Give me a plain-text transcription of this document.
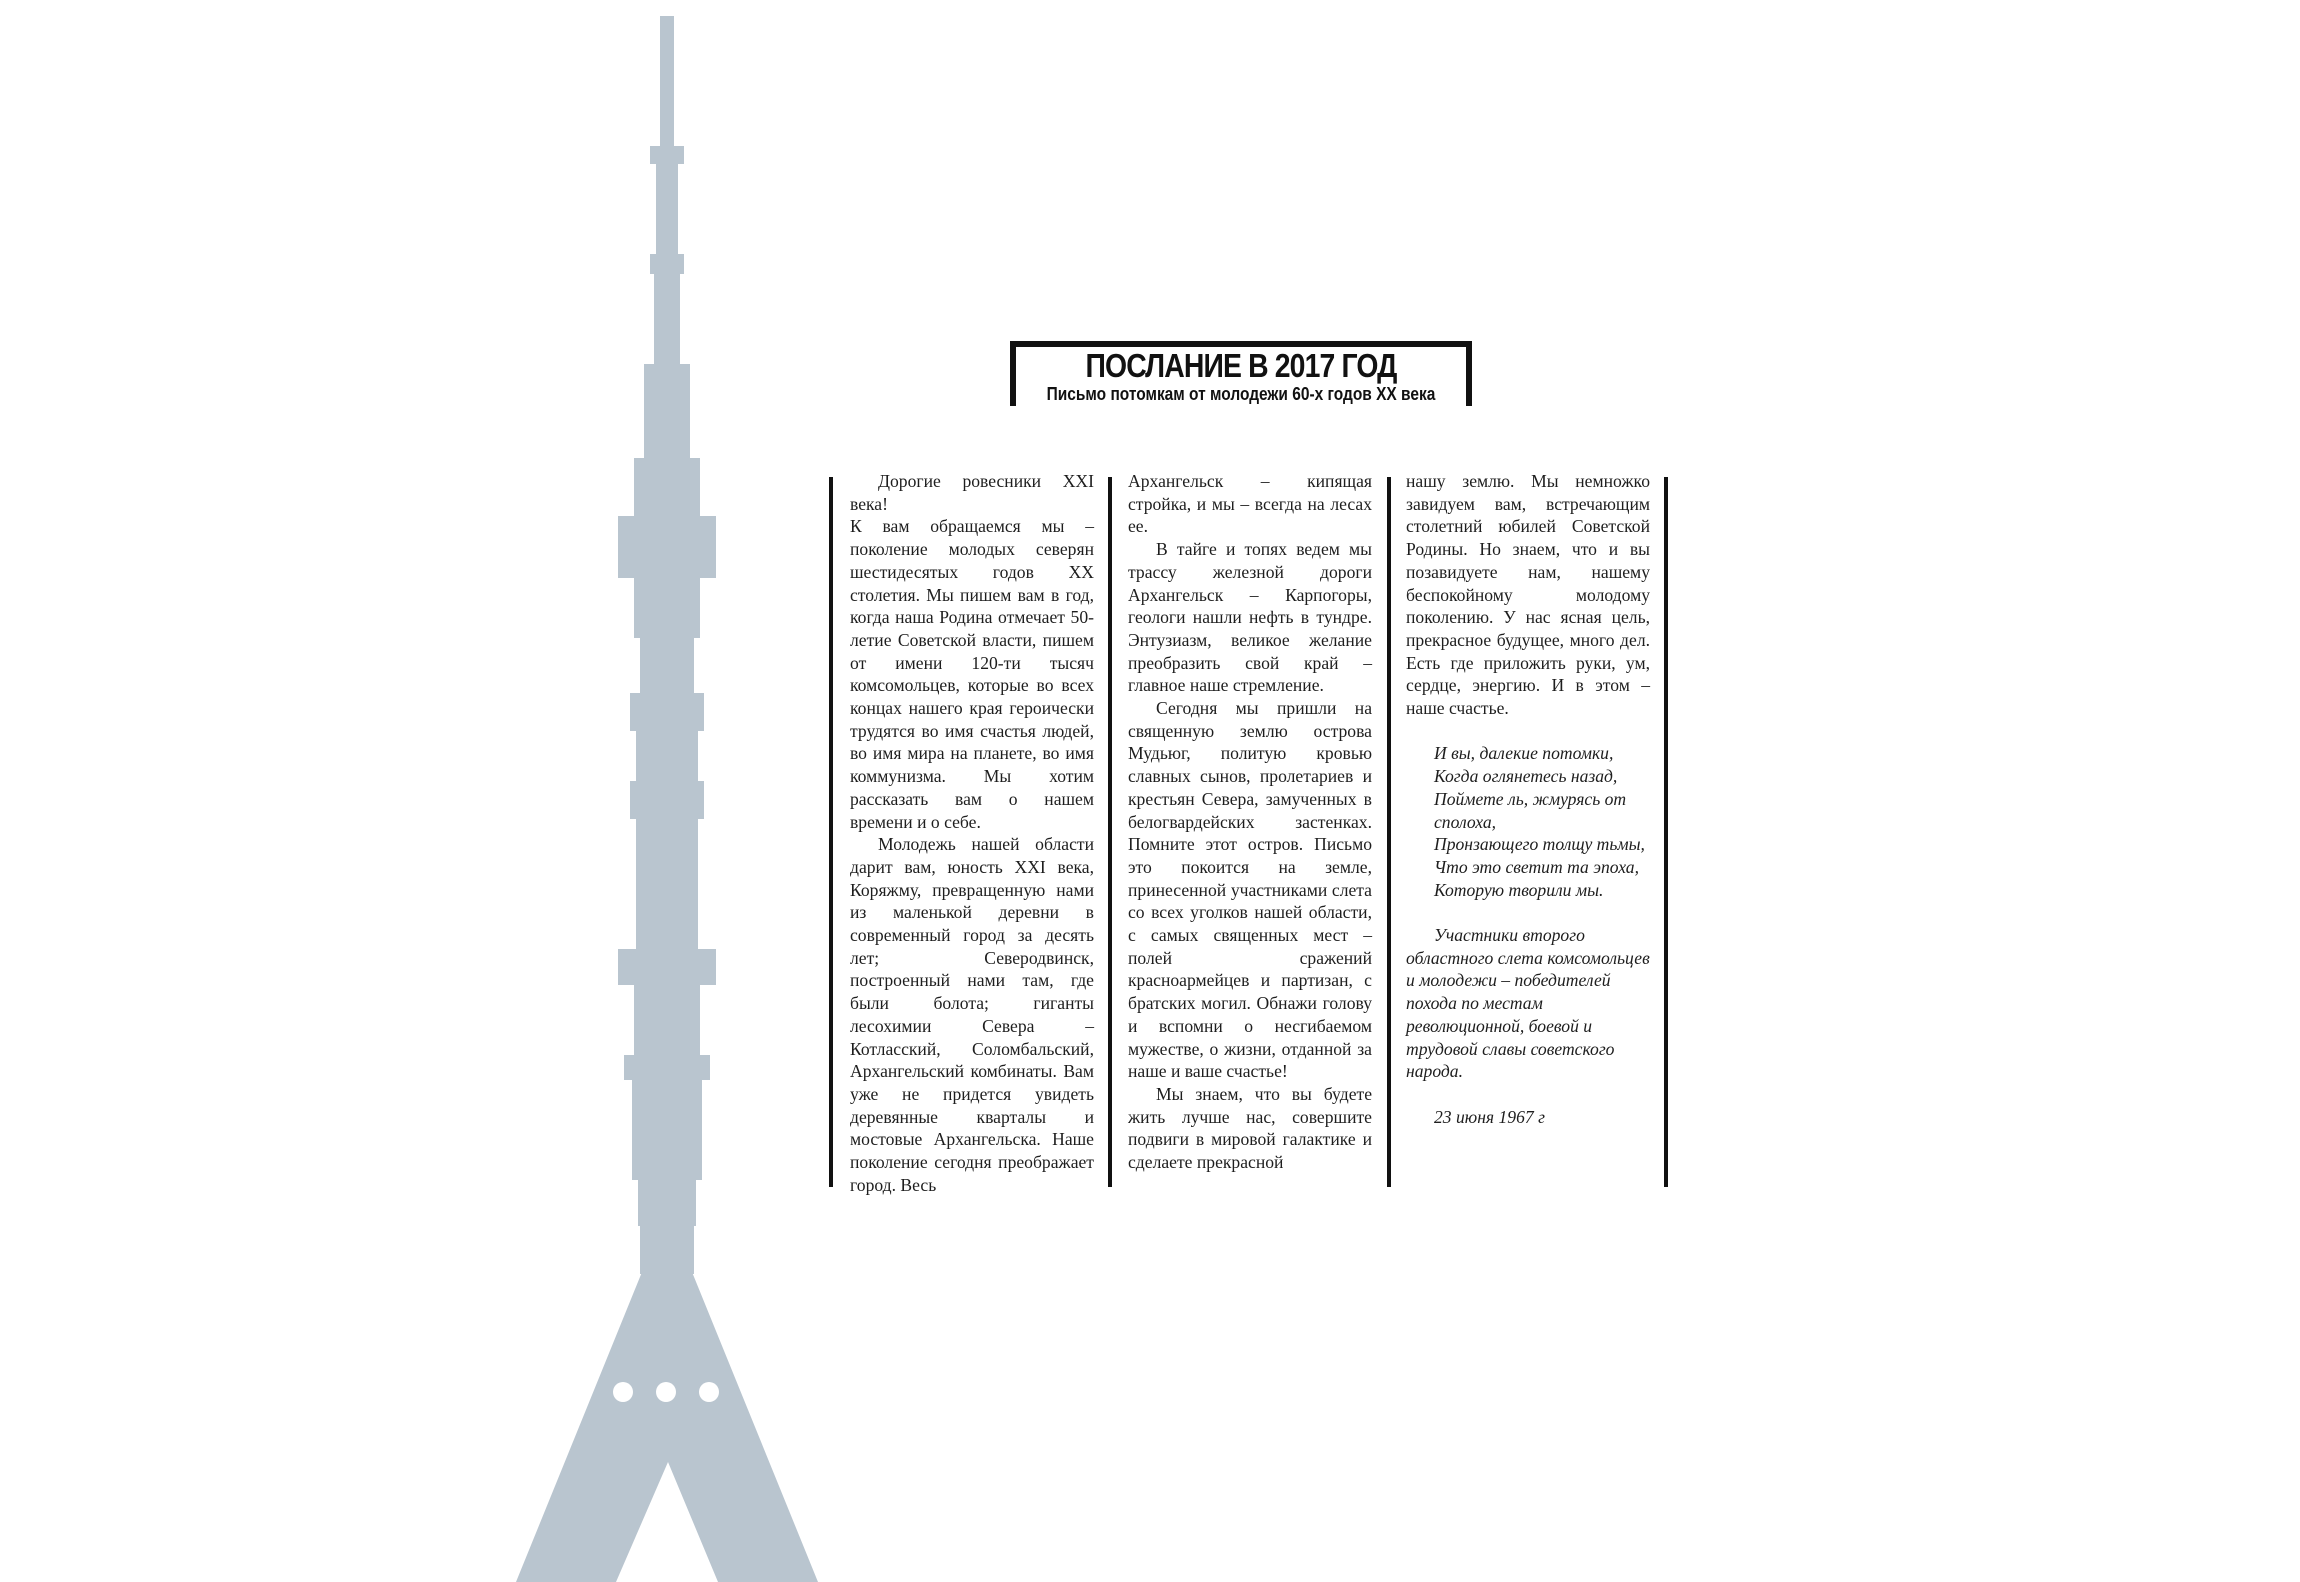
ПОСЛАНИЕ В 2017 ГОД
Письмо потомкам от молодежи 60-х годов XX века

Дорогие ровесники XXI века!

К вам обращаемся мы – поколение молодых северян шестидесятых годов XX столетия. Мы пишем вам в год, когда наша Родина отмечает 50-летие Советской власти, пишем от имени 120-ти тысяч комсомольцев, которые во всех концах нашего края героически трудятся во имя счастья людей, во имя мира на планете, во имя коммунизма. Мы хотим рассказать вам о нашем времени и о себе.

Молодежь нашей области дарит вам, юность XXI века, Коряжму, превращенную нами из маленькой деревни в современный город за десять лет; Северодвинск, построенный нами там, где были болота; гиганты лесохимии Севера – Котласский, Соломбальский, Архангельский комбинаты. Вам уже не придется увидеть деревянные кварталы и мостовые Архангельска. Наше поколение сегодня преображает город. Весь

Архангельск – кипящая стройка, и мы – всегда на лесах ее.

В тайге и топях ведем мы трассу железной дороги Архангельск – Карпогоры, геологи нашли нефть в тундре. Энтузиазм, великое желание преобразить свой край – главное наше стремление.

Сегодня мы пришли на священную землю острова Мудьюг, политую кровью славных сынов, пролетариев и крестьян Севера, замученных в белогвардейских застенках. Помните этот остров. Письмо это покоится на земле, принесенной участниками слета со всех уголков нашей области, с самых священных мест – полей сражений красноармейцев и партизан, с братских могил. Обнажи голову и вспомни о несгибаемом мужестве, о жизни, отданной за наше и ваше счастье!

Мы знаем, что вы будете жить лучше нас, совершите подвиги в мировой галактике и сделаете прекрасной

нашу землю. Мы немножко завидуем вам, встречающим столетний юбилей Советской Родины. Но знаем, что и вы позавидуете нам, нашему беспокойному молодому поколению. У нас ясная цель, прекрасное будущее, много дел. Есть где приложить руки, ум, сердце, энергию. И в этом – наше счастье.

И вы, далекие потомки,
Когда оглянетесь назад,
Поймете ль, жмурясь от сполоха,
Пронзающего толщу тьмы,
Что это светит та эпоха,
Которую творили мы.

Участники второго областного слета комсомольцев и молодежи – победителей похода по местам революционной, боевой и трудовой славы советского народа.

23 июня 1967 г
